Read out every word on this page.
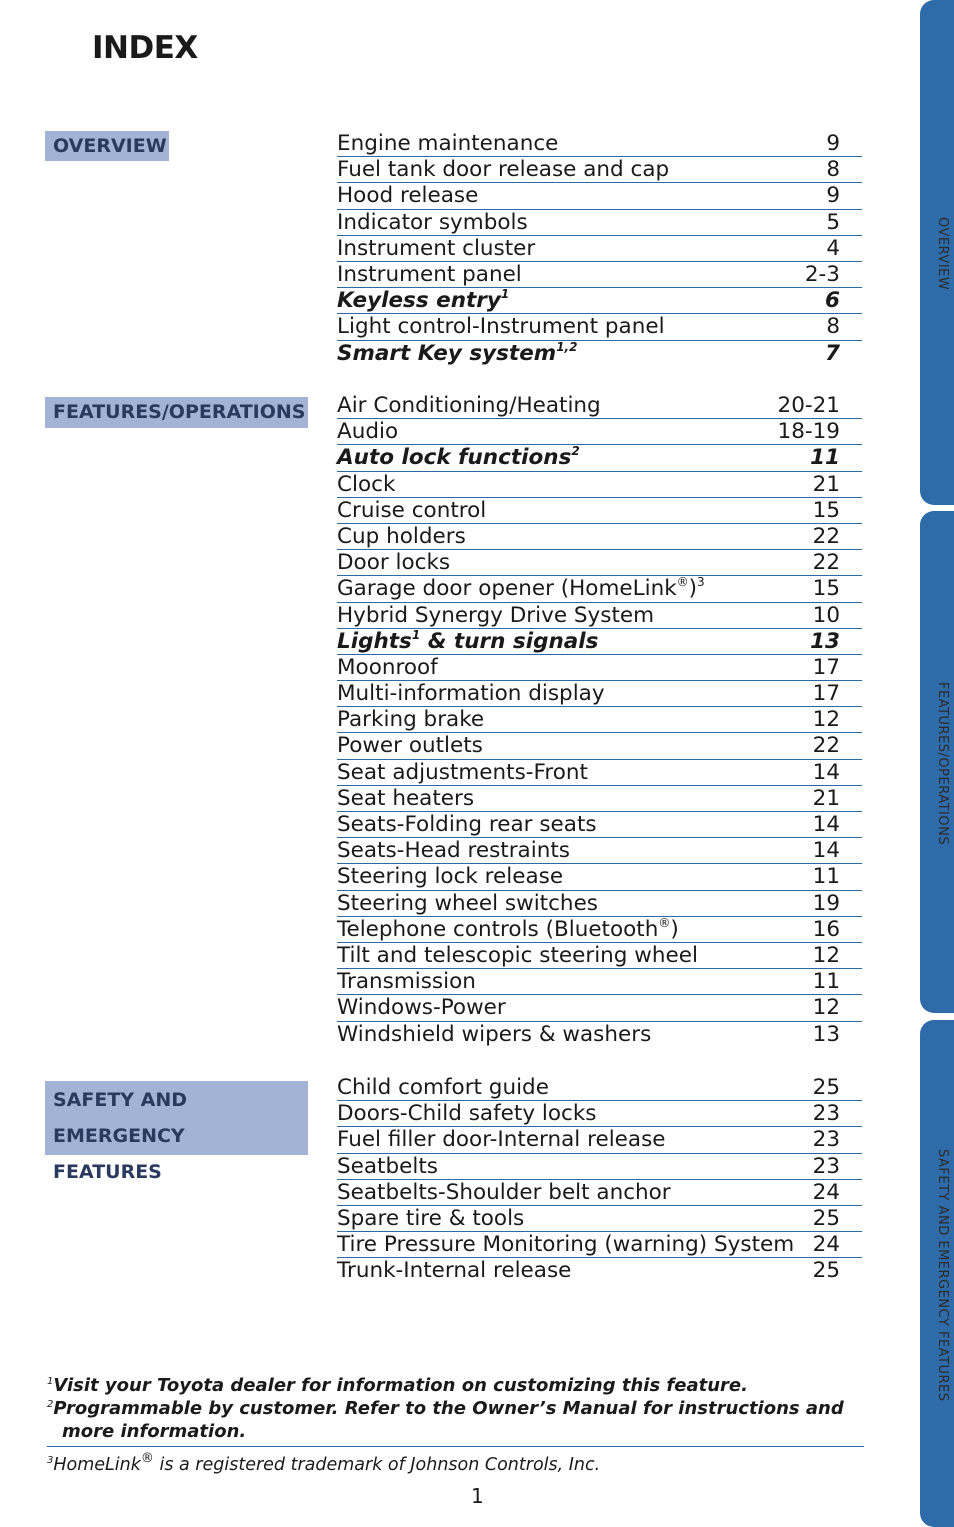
INDEX
OVERVIEW
FEATURES/OPERATIONS
SAFETY AND
EMERGENCY FEATURES
Engine maintenance	9
Fuel tank door release and cap	8
Hood release	9
Indicator symbols	5
Instrument cluster	4
Instrument panel	2-3
Keyless entry$^1$	6
Light control-Instrument panel	8
Smart Key system$^{1,2}$	7
Air Conditioning/Heating	20-21
Audio	18-19
Auto lock functions$^2$	11
Clock	21
Cruise control	15
Cup holders	22
Door locks	22
Garage door opener (HomeLink®)$^3$	15
Hybrid Synergy Drive System	10
Lights$^1$ & turn signals	13
Moonroof	17
Multi-information display	17
Parking brake	12
Power outlets	22
Seat adjustments-Front	14
Seat heaters	21
Seats-Folding rear seats	14
Seats-Head restraints	14
Steering lock release	11
Steering wheel switches	19
Telephone controls (Bluetooth®)	16
Tilt and telescopic steering wheel	12
Transmission	11
Windows-Power	12
Windshield wipers & washers	13
Child comfort guide	25
Doors-Child safety locks	23
Fuel filler door-Internal release	23
Seatbelts	23
Seatbelts-Shoulder belt anchor	24
Spare tire & tools	25
Tire Pressure Monitoring (warning) System 24
Trunk-Internal release	25
OVERVIEW
FEATURES/OPERATIONS
SAFETY AND EMERGENCY FEATURES
$^1$Visit your Toyota dealer for information on customizing this feature.
$^2$Programmable by customer. Refer to the Owner’s Manual for instructions and
more information.
$^3$HomeLink® is a registered trademark of Johnson Controls, Inc.
1
